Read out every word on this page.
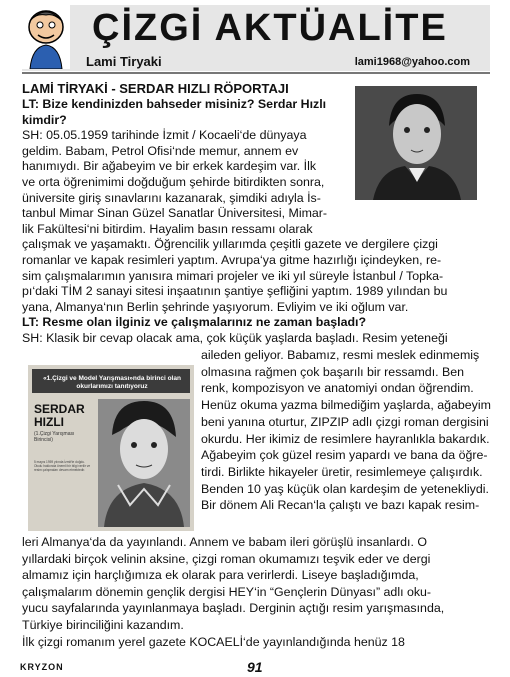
ÇİZGİ AKTÜALİTE
Lami Tiryaki	lami1968@yahoo.com
LAMİ TİRYAKİ - SERDAR HIZLI RÖPORTAJI
LT: Bize kendinizden bahseder misiniz? Serdar Hızlı
kimdir?
SH: 05.05.1959 tarihinde İzmit / Kocaeli‘de dünyaya
geldim. Babam, Petrol Ofisi‘nde memur, annem ev
hanımıydı. Bir ağabeyim ve bir erkek kardeşim var. İlk
ve orta öğrenimimi doğduğum şehirde bitirdikten sonra,
üniversite giriş sınavlarını kazanarak, şimdiki adıyla İs-
tanbul Mimar Sinan Güzel Sanatlar Üniversitesi, Mimar-
lik Fakültesi‘ni bitirdim. Hayalim basın ressamı olarak
çalışmak ve yaşamaktı. Öğrencilik yıllarımda çeşitli gazete ve dergilere çizgi
romanlar ve kapak resimleri yaptım. Avrupa‘ya gitme hazırlığı içindeyken, re-
sim çalışmalarımın yanısıra mimari projeler ve iki yıl süreyle İstanbul / Topka-
pı‘daki TİM 2 sanayi sitesi inşaatının şantiye şefliğini yaptım. 1989 yılından bu
yana, Almanya‘nın Berlin şehrinde yaşıyorum. Evliyim ve iki oğlum var.
LT: Resme olan ilginiz ve çalışmalarınız ne zaman başladı?
SH: Klasik bir cevap olacak ama, çok küçük yaşlarda başladı. Resim yeteneği
«1.Çizgi ve Model Yarışması»nda birinci olan okurlarımızı tanıtıyoruz
SERDAR
HIZLI
(1.Çizgi Yarışması Birincisi)
5 mayıs 1959 yılında İzmit'te doğdu. Okulu hakkında önemli bir bilgi verilir ve resim çalışmaları devam etmektedir.
aileden geliyor. Babamız, resmi meslek edinmemiş
olmasına rağmen çok başarılı bir ressamdı. Ben
renk, kompozisyon ve anatomiyi ondan öğrendim.
Henüz okuma yazma bilmediğim yaşlarda, ağabeyim
beni yanına oturtur, ZIPZIP adlı çizgi roman dergisini
okurdu. Her ikimiz de resimlere hayranlıkla bakardık.
Ağabeyim çok güzel resim yapardı ve bana da öğre-
tirdi. Birlikte hikayeler üretir, resimlemeye çalışırdık.
Benden 10 yaş küçük olan kardeşim de yetenekliydi.
Bir dönem Ali Recan‘la çalıştı ve bazı kapak resim-
leri Almanya‘da da yayınlandı. Annem ve babam ileri görüşlü insanlardı. O
yıllardaki birçok velinin aksine, çizgi roman okumamızı teşvik eder ve dergi
almamız için harçlığımıza ek olarak para verirlerdi. Liseye başladığımda,
çalışmalarım dönemin gençlik dergisi HEY‘in “Gençlerin Dünyası” adlı oku-
yucu sayfalarında yayınlanmaya başladı. Derginin açtığı resim yarışmasında,
Türkiye birinciliğini kazandım.
İlk çizgi romanım yerel gazete KOCAELİ‘de yayınlandığında henüz 18
KRYZON	91
